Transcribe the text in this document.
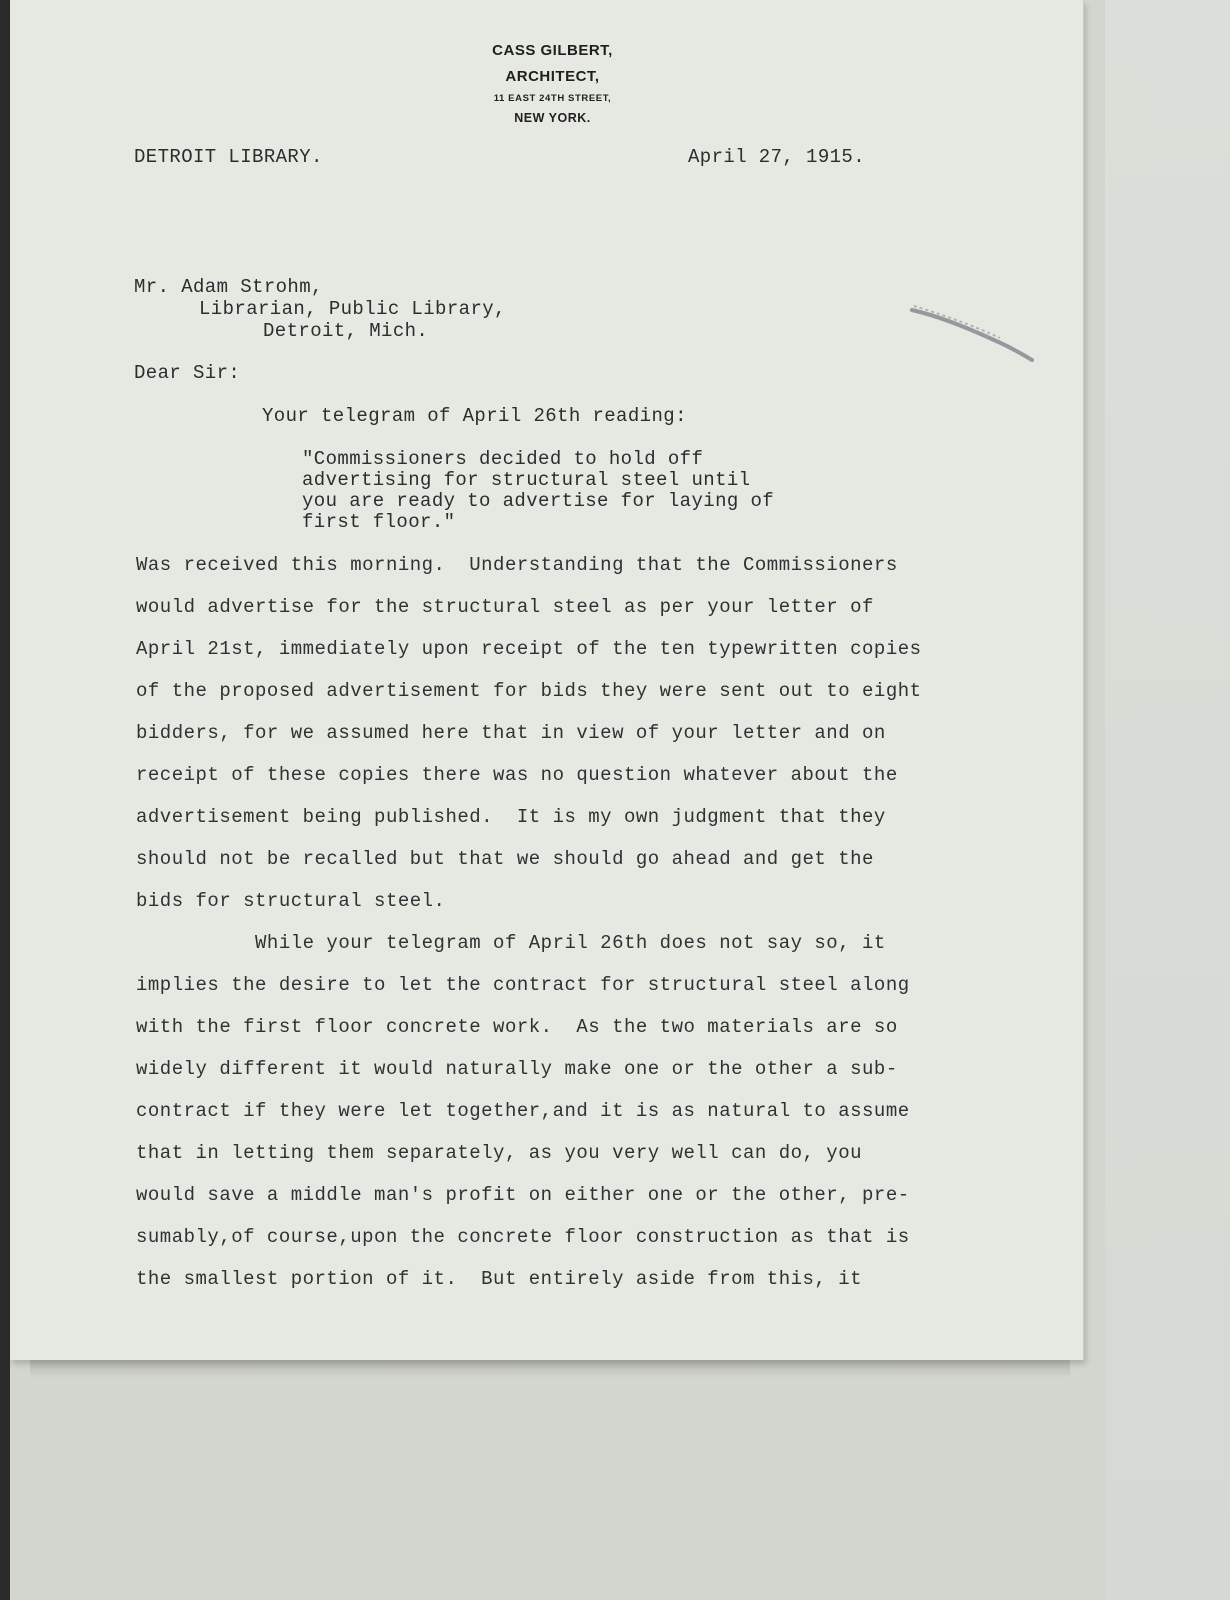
CASS GILBERT,
ARCHITECT,
11 EAST 24TH STREET,
NEW YORK.
DETROIT LIBRARY.	April 27, 1915.
Mr. Adam Strohm,
Librarian, Public Library,
Detroit, Mich.
Dear Sir:
Your telegram of April 26th reading:
"Commissioners decided to hold off
advertising for structural steel until
you are ready to advertise for laying of
first floor."
Was received this morning.  Understanding that the Commissioners
would advertise for the structural steel as per your letter of
April 21st, immediately upon receipt of the ten typewritten copies
of the proposed advertisement for bids they were sent out to eight
bidders, for we assumed here that in view of your letter and on
receipt of these copies there was no question whatever about the
advertisement being published.  It is my own judgment that they
should not be recalled but that we should go ahead and get the
bids for structural steel.
While your telegram of April 26th does not say so, it
implies the desire to let the contract for structural steel along
with the first floor concrete work.  As the two materials are so
widely different it would naturally make one or the other a sub-
contract if they were let together,and it is as natural to assume
that in letting them separately, as you very well can do, you
would save a middle man's profit on either one or the other, pre-
sumably,of course,upon the concrete floor construction as that is
the smallest portion of it.  But entirely aside from this, it
